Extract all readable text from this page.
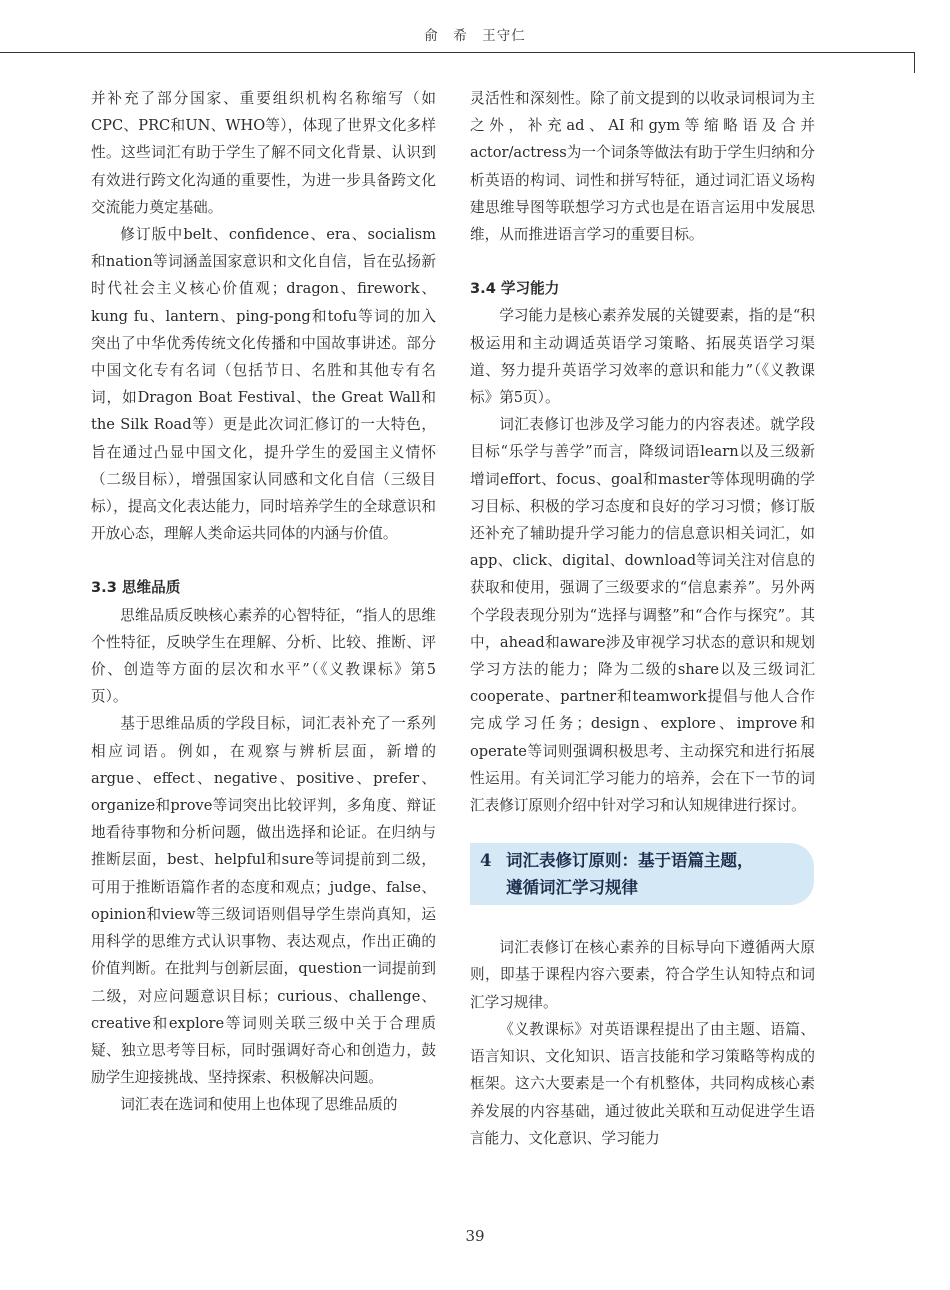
俞　希　王守仁

并补充了部分国家、重要组织机构名称缩写（如CPC、PRC和UN、WHO等），体现了世界文化多样性。这些词汇有助于学生了解不同文化背景、认识到有效进行跨文化沟通的重要性，为进一步具备跨文化交流能力奠定基础。

修订版中belt、confidence、era、socialism和nation等词涵盖国家意识和文化自信，旨在弘扬新时代社会主义核心价值观；dragon、firework、kung fu、lantern、ping-pong和tofu等词的加入突出了中华优秀传统文化传播和中国故事讲述。部分中国文化专有名词（包括节日、名胜和其他专有名词，如Dragon Boat Festival、the Great Wall和the Silk Road等）更是此次词汇修订的一大特色，旨在通过凸显中国文化，提升学生的爱国主义情怀（二级目标），增强国家认同感和文化自信（三级目标），提高文化表达能力，同时培养学生的全球意识和开放心态，理解人类命运共同体的内涵与价值。

3.3 思维品质

思维品质反映核心素养的心智特征，“指人的思维个性特征，反映学生在理解、分析、比较、推断、评价、创造等方面的层次和水平”（《义教课标》第5页）。

基于思维品质的学段目标，词汇表补充了一系列相应词语。例如，在观察与辨析层面，新增的argue、effect、negative、positive、prefer、organize和prove等词突出比较评判，多角度、辩证地看待事物和分析问题，做出选择和论证。在归纳与推断层面，best、helpful和sure等词提前到二级，可用于推断语篇作者的态度和观点；judge、false、opinion和view等三级词语则倡导学生崇尚真知，运用科学的思维方式认识事物、表达观点，作出正确的价值判断。在批判与创新层面，question一词提前到二级，对应问题意识目标；curious、challenge、creative和explore等词则关联三级中关于合理质疑、独立思考等目标，同时强调好奇心和创造力，鼓励学生迎接挑战、坚持探索、积极解决问题。

词汇表在选词和使用上也体现了思维品质的

灵活性和深刻性。除了前文提到的以收录词根词为主之外，补充ad、AI和gym等缩略语及合并actor/actress为一个词条等做法有助于学生归纳和分析英语的构词、词性和拼写特征，通过词汇语义场构建思维导图等联想学习方式也是在语言运用中发展思维，从而推进语言学习的重要目标。

3.4 学习能力

学习能力是核心素养发展的关键要素，指的是“积极运用和主动调适英语学习策略、拓展英语学习渠道、努力提升英语学习效率的意识和能力”（《义教课标》第5页）。

词汇表修订也涉及学习能力的内容表述。就学段目标“乐学与善学”而言，降级词语learn以及三级新增词effort、focus、goal和master等体现明确的学习目标、积极的学习态度和良好的学习习惯；修订版还补充了辅助提升学习能力的信息意识相关词汇，如app、click、digital、download等词关注对信息的获取和使用，强调了三级要求的“信息素养”。另外两个学段表现分别为“选择与调整”和“合作与探究”。其中，ahead和aware涉及审视学习状态的意识和规划学习方法的能力；降为二级的share以及三级词汇cooperate、partner和teamwork提倡与他人合作完成学习任务；design、explore、improve和operate等词则强调积极思考、主动探究和进行拓展性运用。有关词汇学习能力的培养，会在下一节的词汇表修订原则介绍中针对学习和认知规律进行探讨。

4 词汇表修订原则：基于语篇主题，
遵循词汇学习规律

词汇表修订在核心素养的目标导向下遵循两大原则，即基于课程内容六要素，符合学生认知特点和词汇学习规律。

《义教课标》对英语课程提出了由主题、语篇、语言知识、文化知识、语言技能和学习策略等构成的框架。这六大要素是一个有机整体，共同构成核心素养发展的内容基础，通过彼此关联和互动促进学生语言能力、文化意识、学习能力

39
